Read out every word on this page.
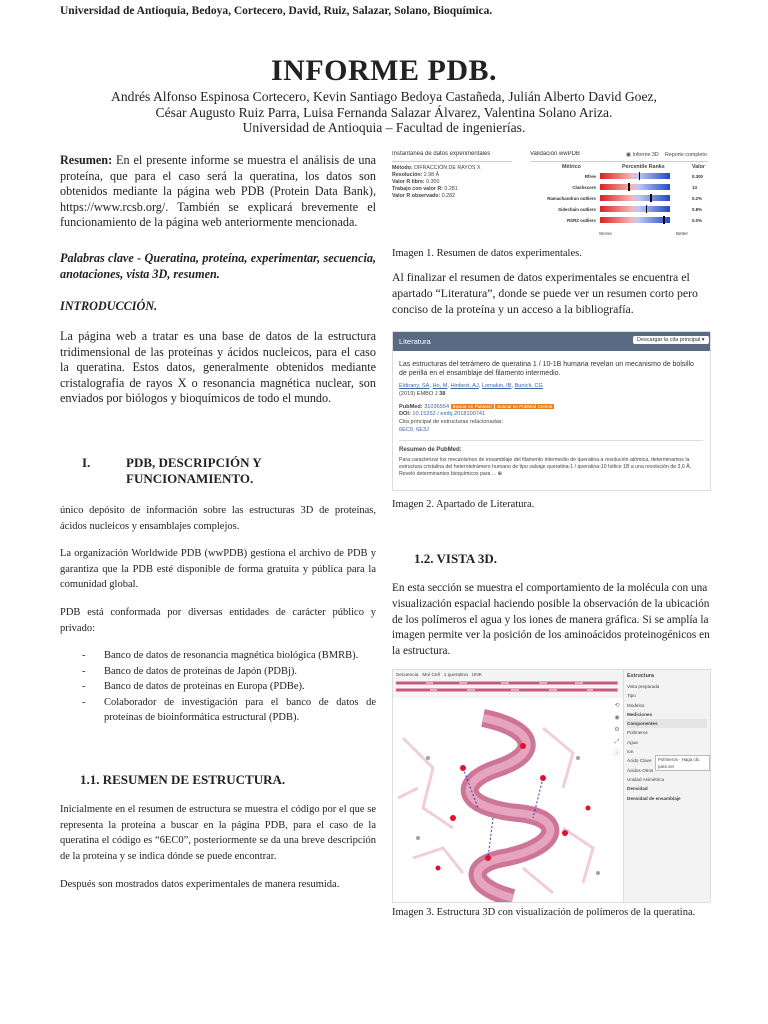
Universidad de Antioquia, Bedoya, Cortecero, David, Ruiz, Salazar, Solano, Bioquímica.
INFORME PDB.
Andrés Alfonso Espinosa Cortecero, Kevin Santiago Bedoya Castañeda, Julián Alberto David Goez,
César Augusto Ruiz Parra, Luisa Fernanda Salazar Álvarez, Valentina Solano Ariza.
Universidad de Antioquia – Facultad de ingenierías.
Resumen: En el presente informe se muestra el análisis de una proteína, que para el caso será la queratina, los datos son obtenidos mediante la página web PDB (Protein Data Bank), https://www.rcsb.org/. También se explicará brevemente el funcionamiento de la página web anteriormente mencionada.
Palabras clave - Queratina, proteína, experimentar, secuencia, anotaciones, vista 3D, resumen.
INTRODUCCIÓN.
La página web a tratar es una base de datos de la estructura tridimensional de las proteínas y ácidos nucleicos, para el caso la queratina. Estos datos, generalmente obtenidos mediante cristalografía de rayos X o resonancia magnética nuclear, son enviados por biólogos y bioquímicos de todo el mundo.
I.	PDB, DESCRIPCIÓN Y
FUNCIONAMIENTO.
único depósito de información sobre las estructuras 3D de proteínas, ácidos nucleicos y ensamblajes complejos.
La organización Worldwide PDB (wwPDB) gestiona el archivo de PDB y garantiza que la PDB esté disponible de forma gratuita y pública para la comunidad global.
PDB está conformada por diversas entidades de carácter público y privado:
- Banco de datos de resonancia magnética biológica (BMRB).
- Banco de datos de proteínas de Japón (PDBj).
- Banco de datos de proteínas en Europa (PDBe).
- Colaborador de investigación para el banco de datos de proteínas de bioinformática estructural (PDB).
1.1. RESUMEN DE ESTRUCTURA.
Inicialmente en el resumen de estructura se muestra el código por el que se representa la proteína a buscar en la página PDB, para el caso de la queratina el código es “6EC0”, posteriormente se da una breve descripción de la proteína y se indica dónde se puede encontrar.
Después son mostrados datos experimentales de manera resumida.
Instantánea de datos experimentales
Método: DIFRACCIÓN DE RAYOS X
Resolución: 2.98 Å
Valor R libre: 0.300
Trabajo con valor R: 0.281
Valor R observado: 0.282
Validación wwPDB	▣ Informe 3D Reporte completo
Métrico	Percentile Ranks	Valor
Rfree	0.300
Clashscore	13
Ramachandran outliers	0.2%
Sidechain outliers	0.8%
RSRZ outliers	0.0%
Worse	Better
Imagen 1. Resumen de datos experimentales.
Al finalizar el resumen de datos experimentales se encuentra el apartado “Literatura”, donde se puede ver un resumen corto pero conciso de la proteína y un acceso a la bibliografía.
Literatura	Descargar la cita principal ▾
Las estructuras del tetrámero de queratina 1 / 10-1B humana revelan un mecanismo de bolsillo de perilla en el ensamblaje del filamento intermedio.
Eldirany, SA, Ho, M, Hinbest, AJ, Lomakin, IB, Bunick, CG
(2019) EMBO J 38
PubMed: 31036554 Buscar en PubMed Buscar en PubMed Central
DOI: 10.15252 / embj.2018100741
Cita principal de estructuras relacionadas:
6EC0, 6E3J
Resumen de PubMed:
Para caracterizar los mecanismos de ensamblaje del filamento intermedio de queratina a resolución atómica, determinamos la estructura cristalina del heterotetrámero humano de tipo salvaje queratina-1 / queratina-10 hélice 1B a una resolución de 3,0 Å. Reveló determinantes bioquímicos para ... ⊕
Imagen 2. Apartado de Literatura.
1.2. VISTA 3D.
En esta sección se muestra el comportamiento de la molécula con una visualización espacial haciendo posible la observación de la ubicación de los polímeros el agua y los iones de manera gráfica. Si se amplía la imagen permite ver la posición de los aminoácidos proteinogénicos en la estructura.
Secuencia Mol Cell 1 queratina UNK
⟲
◉
⚙
⤢
ⓘ
Estructura
Vista preparada
Tipo
Modelos
Mediciones
Componentes
Polímeros
Agua
Ion
Ácido Clave
Ácidos Otros
Unidad Asimétrica
Densidad
Densidad de ensamblaje
Polímeros · Haga clic para ver
Imagen 3. Estructura 3D con visualización de polímeros de la queratina.
